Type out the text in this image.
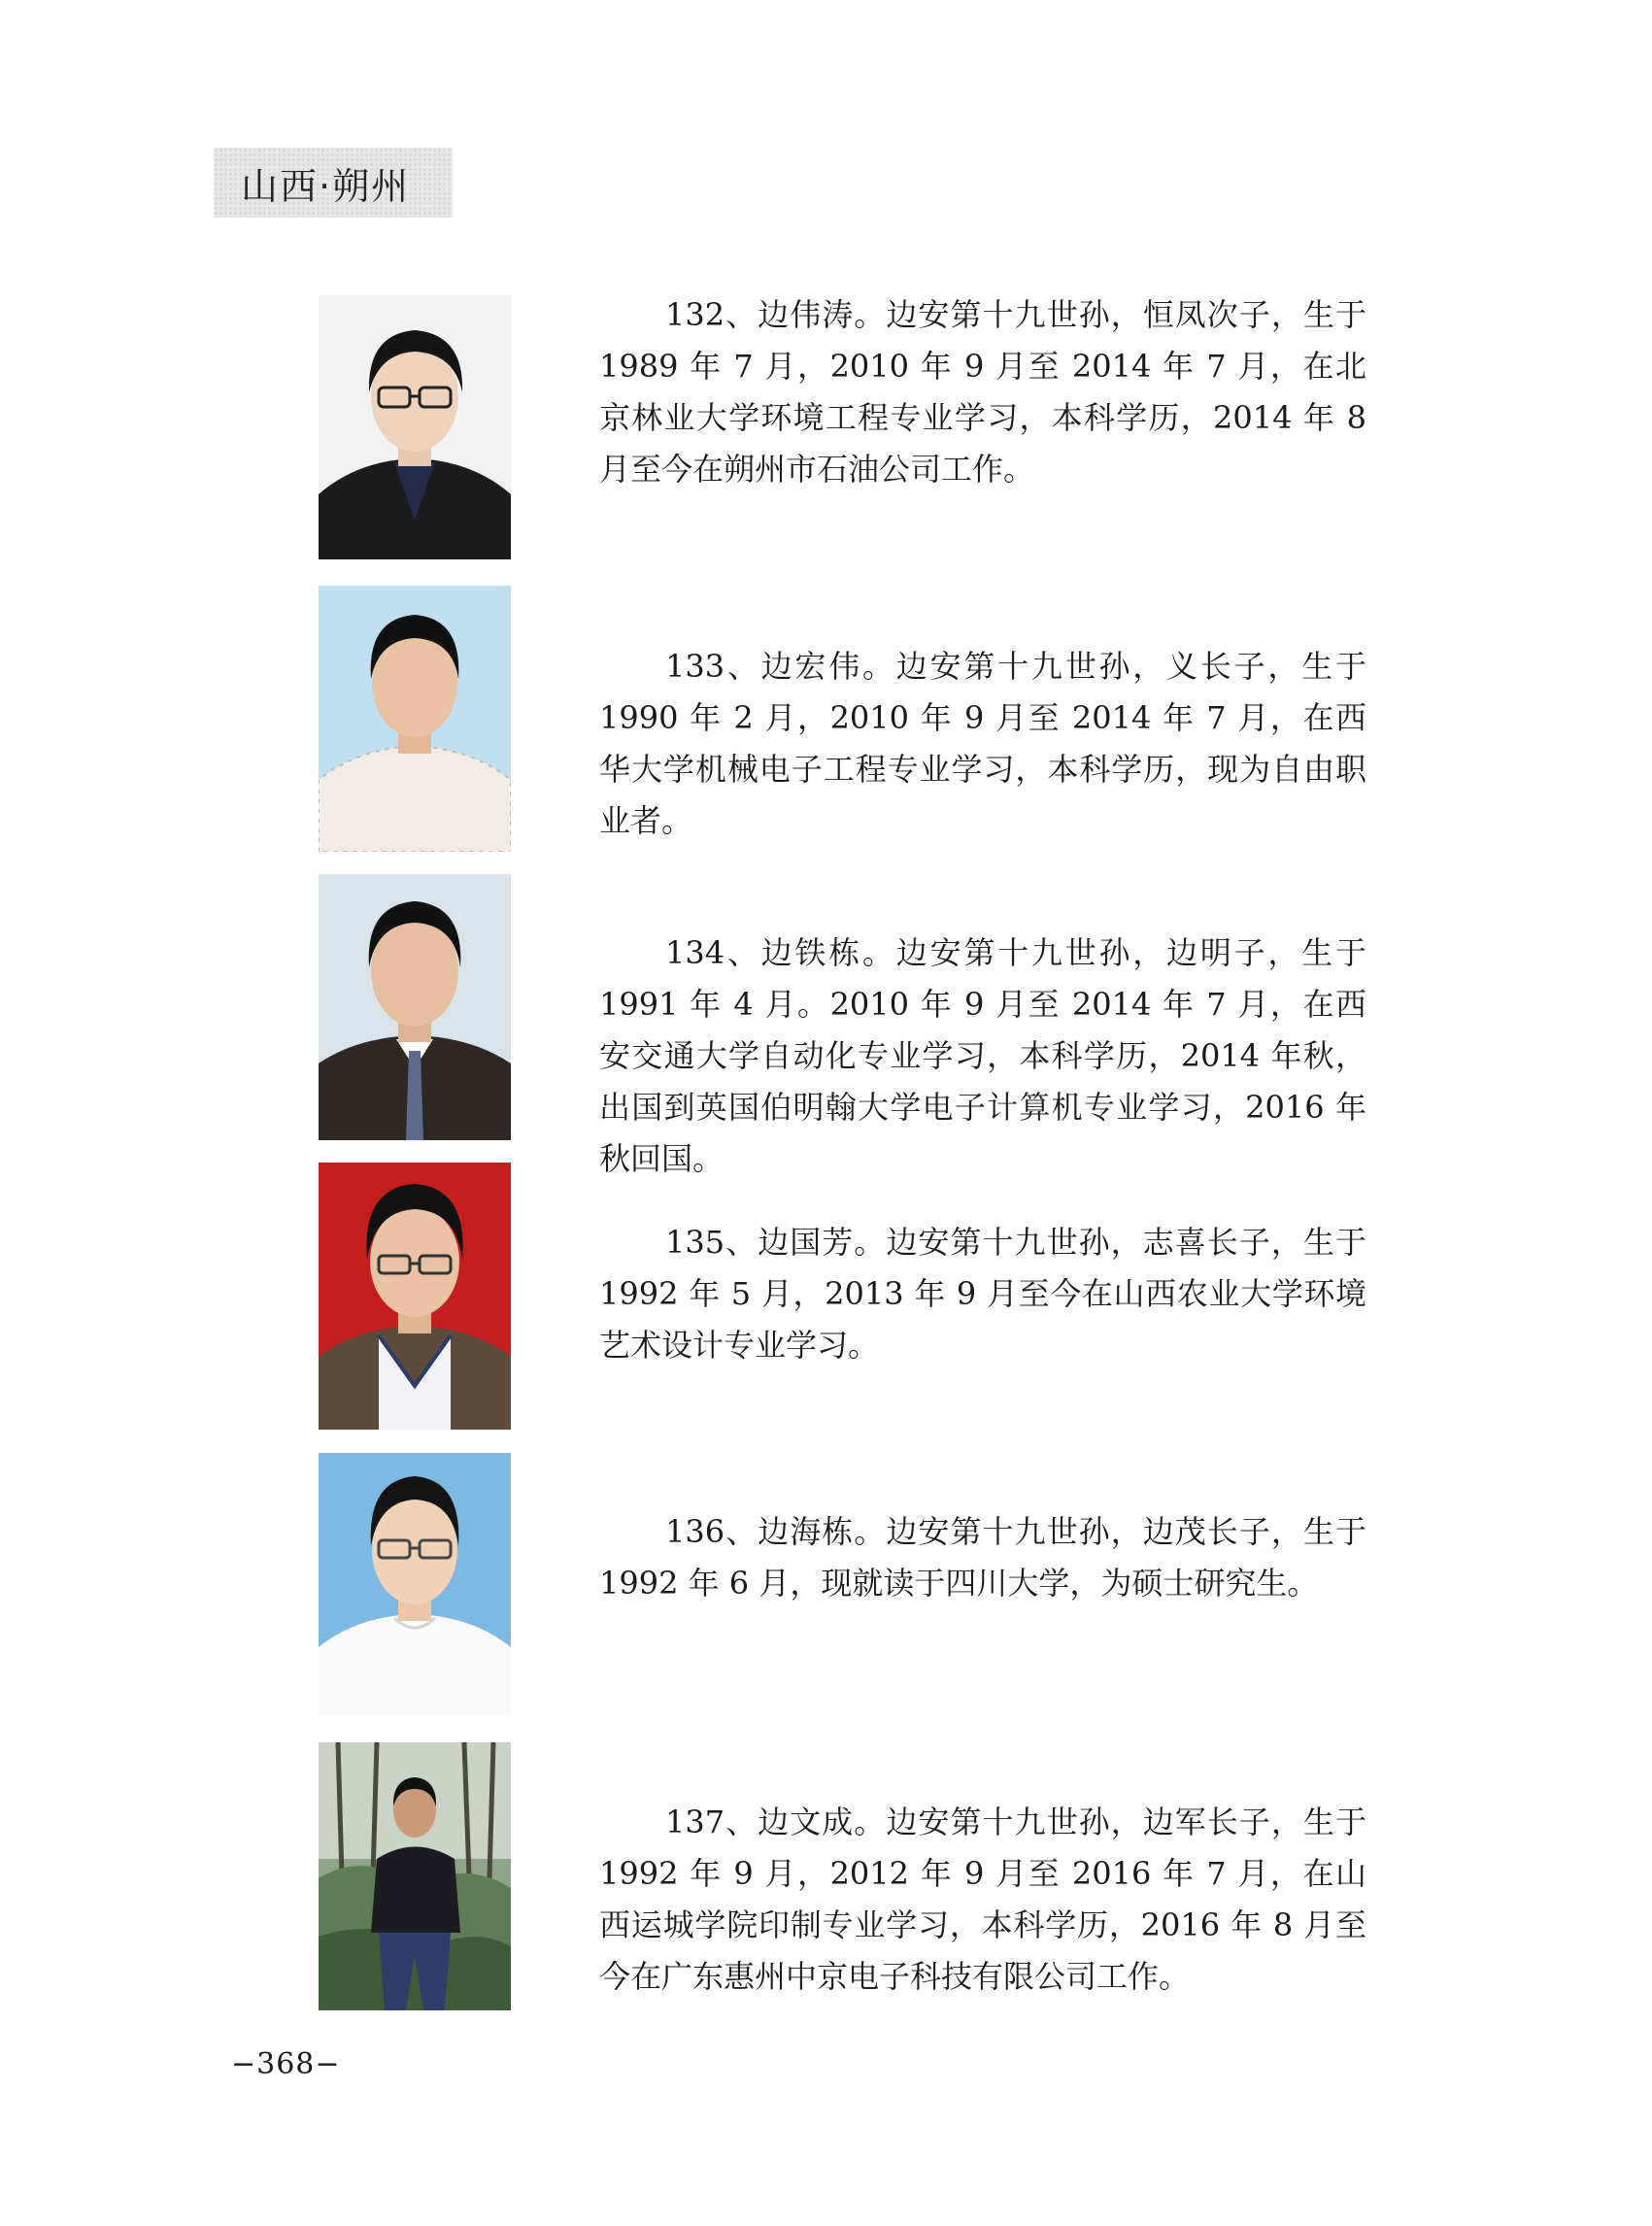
山西·朔州

132、边伟涛。边安第十九世孙，恒凤次子，生于 1989 年 7 月，2010 年 9 月至 2014 年 7 月，在北京林业大学环境工程专业学习，本科学历，2014 年 8 月至今在朔州市石油公司工作。

133、边宏伟。边安第十九世孙，义长子，生于 1990 年 2 月，2010 年 9 月至 2014 年 7 月，在西华大学机械电子工程专业学习，本科学历，现为自由职业者。

134、边铁栋。边安第十九世孙，边明子，生于 1991 年 4 月。2010 年 9 月至 2014 年 7 月，在西安交通大学自动化专业学习，本科学历，2014 年秋，出国到英国伯明翰大学电子计算机专业学习，2016 年秋回国。

135、边国芳。边安第十九世孙，志喜长子，生于 1992 年 5 月，2013 年 9 月至今在山西农业大学环境艺术设计专业学习。

136、边海栋。边安第十九世孙，边茂长子，生于 1992 年 6 月，现就读于四川大学，为硕士研究生。

137、边文成。边安第十九世孙，边军长子，生于 1992 年 9 月，2012 年 9 月至 2016 年 7 月，在山西运城学院印制专业学习，本科学历，2016 年 8 月至今在广东惠州中京电子科技有限公司工作。

−368−
